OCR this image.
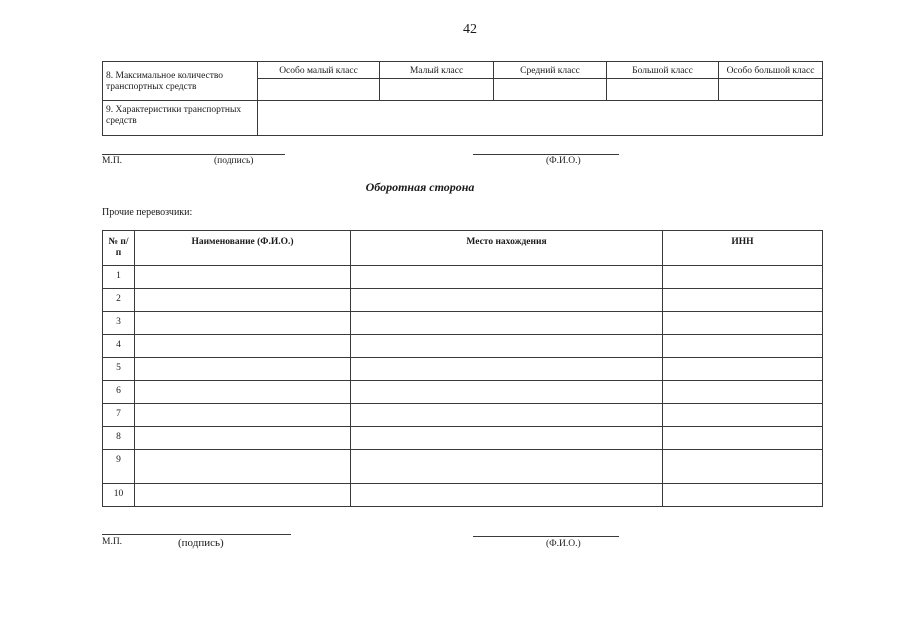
42
8. Максимальное количество транспортных средств	Особо малый класс	Малый класс	Средний класс	Большой класс	Особо большой класс

9. Характеристики транспортных средств					
М.П.	(подпись)	(Ф.И.О.)
Оборотная сторона
Прочие перевозчики:
№ п/п	Наименование (Ф.И.О.)	Место нахождения	ИНН
1			
2			
3			
4			
5			
6			
7			
8			
9			
10			
М.П.	(подпись)	(Ф.И.О.)
